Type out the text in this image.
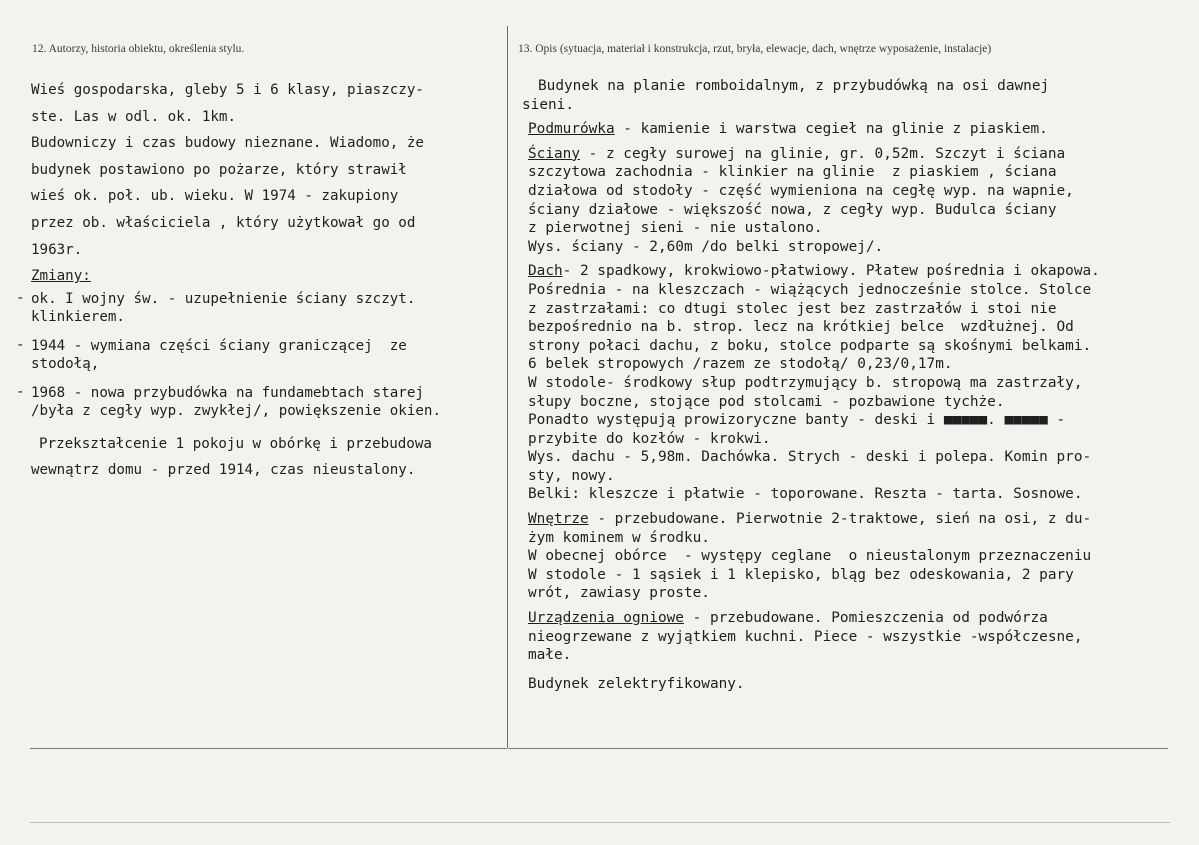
12. Autorzy, historia obiektu, określenia stylu.	13. Opis (sytuacja, materiał i konstrukcja, rzut, bryła, elewacje, dach, wnętrze wyposażenie, instalacje)
Wieś gospodarska, gleby 5 i 6 klasy, piaszczy-
ste. Las w odl. ok. 1km.
Budowniczy i czas budowy nieznane. Wiadomo, że
budynek postawiono po pożarze, który strawił
wieś ok. poł. ub. wieku. W 1974 - zakupiony
przez ob. właściciela , który użytkował go od
1963r.
Zmiany:
- ok. I wojny św. - uzupełnienie ściany szczyt.
klinkierem.
- 1944 - wymiana części ściany graniczącej  ze
stodołą,
- 1968 - nowa przybudówka na fundamebtach starej
/była z cegły wyp. zwykłej/, powiększenie okien.
Przekształcenie 1 pokoju w obórkę i przebudowa
wewnątrz domu - przed 1914, czas nieustalony.
Budynek na planie romboidalnym, z przybudówką na osi dawnej
sieni.
Podmurówka - kamienie i warstwa cegieł na glinie z piaskiem.
Ściany - z cegły surowej na glinie, gr. 0,52m. Szczyt i ściana
szczytowa zachodnia - klinkier na glinie  z piaskiem , ściana
działowa od stodoły - część wymieniona na cegłę wyp. na wapnie,
ściany działowe - większość nowa, z cegły wyp. Budulca ściany
z pierwotnej sieni - nie ustalono.
Wys. ściany - 2,60m /do belki stropowej/.
Dach- 2 spadkowy, krokwiowo-płatwiowy. Płatew pośrednia i okapowa.
Pośrednia - na kleszczach - wiążących jednocześnie stolce. Stolce
z zastrzałami: co dtugi stolec jest bez zastrzałów i stoi nie
bezpośrednio na b. strop. lecz na krótkiej belce  wzdłużnej. Od
strony połaci dachu, z boku, stolce podparte są skośnymi belkami.
6 belek stropowych /razem ze stodołą/ 0,23/0,17m.
W stodole- środkowy słup podtrzymujący b. stropową ma zastrzały,
słupy boczne, stojące pod stolcami - pozbawione tychże.
Ponadto występują prowizoryczne banty - deski i ■■■■■. ■■■■■ -
przybite do kozłów - krokwi.
Wys. dachu - 5,98m. Dachówka. Strych - deski i polepa. Komin pro-
sty, nowy.
Belki: kleszcze i płatwie - toporowane. Reszta - tarta. Sosnowe.
Wnętrze - przebudowane. Pierwotnie 2-traktowe, sień na osi, z du-
żym kominem w środku.
W obecnej obórce  - występy ceglane  o nieustalonym przeznaczeniu
W stodole - 1 sąsiek i 1 klepisko, bląg bez odeskowania, 2 pary
wrót, zawiasy proste.
Urządzenia ogniowe - przebudowane. Pomieszczenia od podwórza
nieogrzewane z wyjątkiem kuchni. Piece - wszystkie -współczesne,
małe.
Budynek zelektryfikowany.
